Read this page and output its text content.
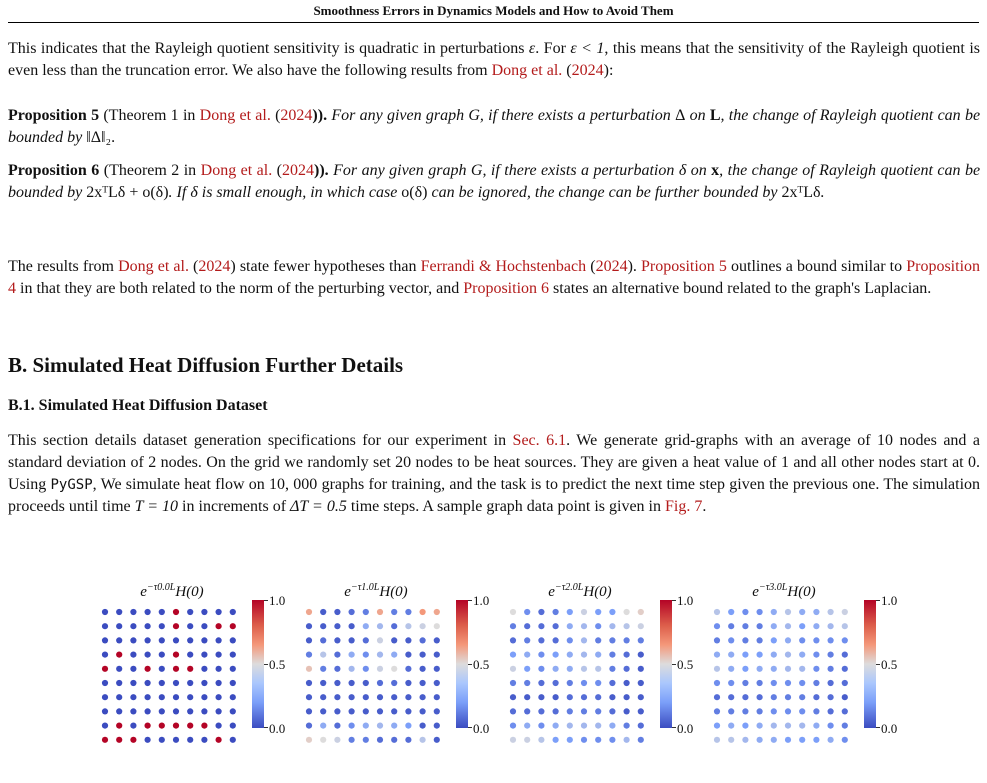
Smoothness Errors in Dynamics Models and How to Avoid Them
This indicates that the Rayleigh quotient sensitivity is quadratic in perturbations ε. For ε < 1, this means that the sensitivity of the Rayleigh quotient is even less than the truncation error. We also have the following results from Dong et al. (2024):
Proposition 5 (Theorem 1 in Dong et al. (2024)). For any given graph G, if there exists a perturbation Δ on L, the change of Rayleigh quotient can be bounded by ‖Δ‖₂.
Proposition 6 (Theorem 2 in Dong et al. (2024)). For any given graph G, if there exists a perturbation δ on x, the change of Rayleigh quotient can be bounded by 2xᵀLδ + o(δ). If δ is small enough, in which case o(δ) can be ignored, the change can be further bounded by 2xᵀLδ.
The results from Dong et al. (2024) state fewer hypotheses than Ferrandi & Hochstenbach (2024). Proposition 5 outlines a bound similar to Proposition 4 in that they are both related to the norm of the perturbing vector, and Proposition 6 states an alternative bound related to the graph's Laplacian.
B. Simulated Heat Diffusion Further Details
B.1. Simulated Heat Diffusion Dataset
This section details dataset generation specifications for our experiment in Sec. 6.1. We generate grid-graphs with an average of 10 nodes and a standard deviation of 2 nodes. On the grid we randomly set 20 nodes to be heat sources. They are given a heat value of 1 and all other nodes start at 0. Using PyGSP, We simulate heat flow on 10, 000 graphs for training, and the task is to predict the next time step given the previous one. The simulation proceeds until time T = 10 in increments of ΔT = 0.5 time steps. A sample graph data point is given in Fig. 7.
$e^{-\tau 0.0L}H(0)$
1.0
0.5
0.0
$e^{-\tau 1.0L}H(0)$
1.0
0.5
0.0
$e^{-\tau 2.0L}H(0)$
1.0
0.5
0.0
$e^{-\tau 3.0L}H(0)$
1.0
0.5
0.0
